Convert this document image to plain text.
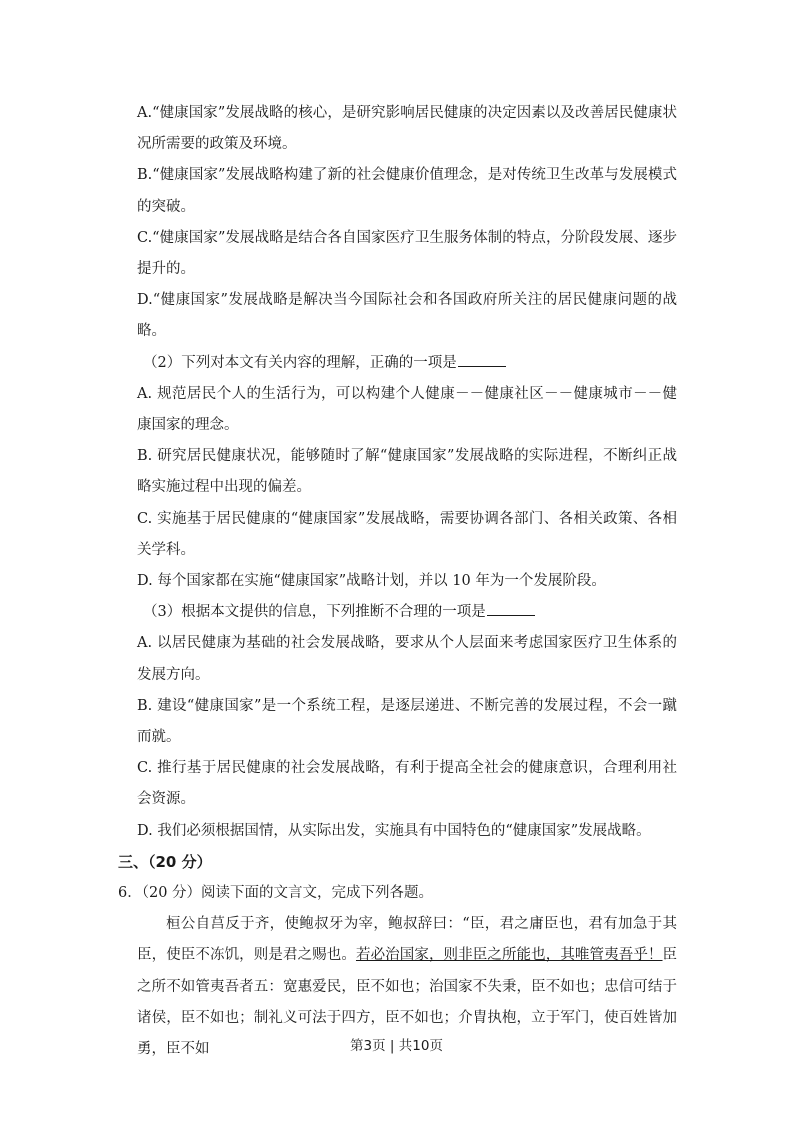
A.“健康国家”发展战略的核心，是研究影响居民健康的决定因素以及改善居民健康状况所需要的政策及环境。

B.“健康国家”发展战略构建了新的社会健康价值理念，是对传统卫生改革与发展模式的突破。

C.“健康国家”发展战略是结合各自国家医疗卫生服务体制的特点，分阶段发展、逐步提升的。

D.“健康国家”发展战略是解决当今国际社会和各国政府所关注的居民健康问题的战略。

（2）下列对本文有关内容的理解，正确的一项是

A. 规范居民个人的生活行为，可以构建个人健康－－健康社区－－健康城市－－健康国家的理念。

B. 研究居民健康状况，能够随时了解“健康国家”发展战略的实际进程，不断纠正战略实施过程中出现的偏差。

C. 实施基于居民健康的“健康国家”发展战略，需要协调各部门、各相关政策、各相关学科。

D. 每个国家都在实施“健康国家”战略计划，并以 10 年为一个发展阶段。

（3）根据本文提供的信息，下列推断不合理的一项是

A. 以居民健康为基础的社会发展战略，要求从个人层面来考虑国家医疗卫生体系的发展方向。

B. 建设“健康国家”是一个系统工程，是逐层递进、不断完善的发展过程，不会一蹴而就。

C. 推行基于居民健康的社会发展战略，有利于提高全社会的健康意识，合理利用社会资源。

D. 我们必须根据国情，从实际出发，实施具有中国特色的“健康国家”发展战略。

三、（20 分）

6．（20 分）阅读下面的文言文，完成下列各题。

桓公自莒反于齐，使鲍叔牙为宰，鲍叔辞曰：“臣，君之庸臣也，君有加急于其臣，使臣不冻饥，则是君之赐也。若必治国家，则非臣之所能也，其唯管夷吾乎！臣之所不如管夷吾者五：宽惠爱民，臣不如也；治国家不失秉，臣不如也；忠信可结于诸侯，臣不如也；制礼义可法于四方，臣不如也；介胄执枹，立于军门，使百姓皆加勇，臣不如	第3页 | 共10页
